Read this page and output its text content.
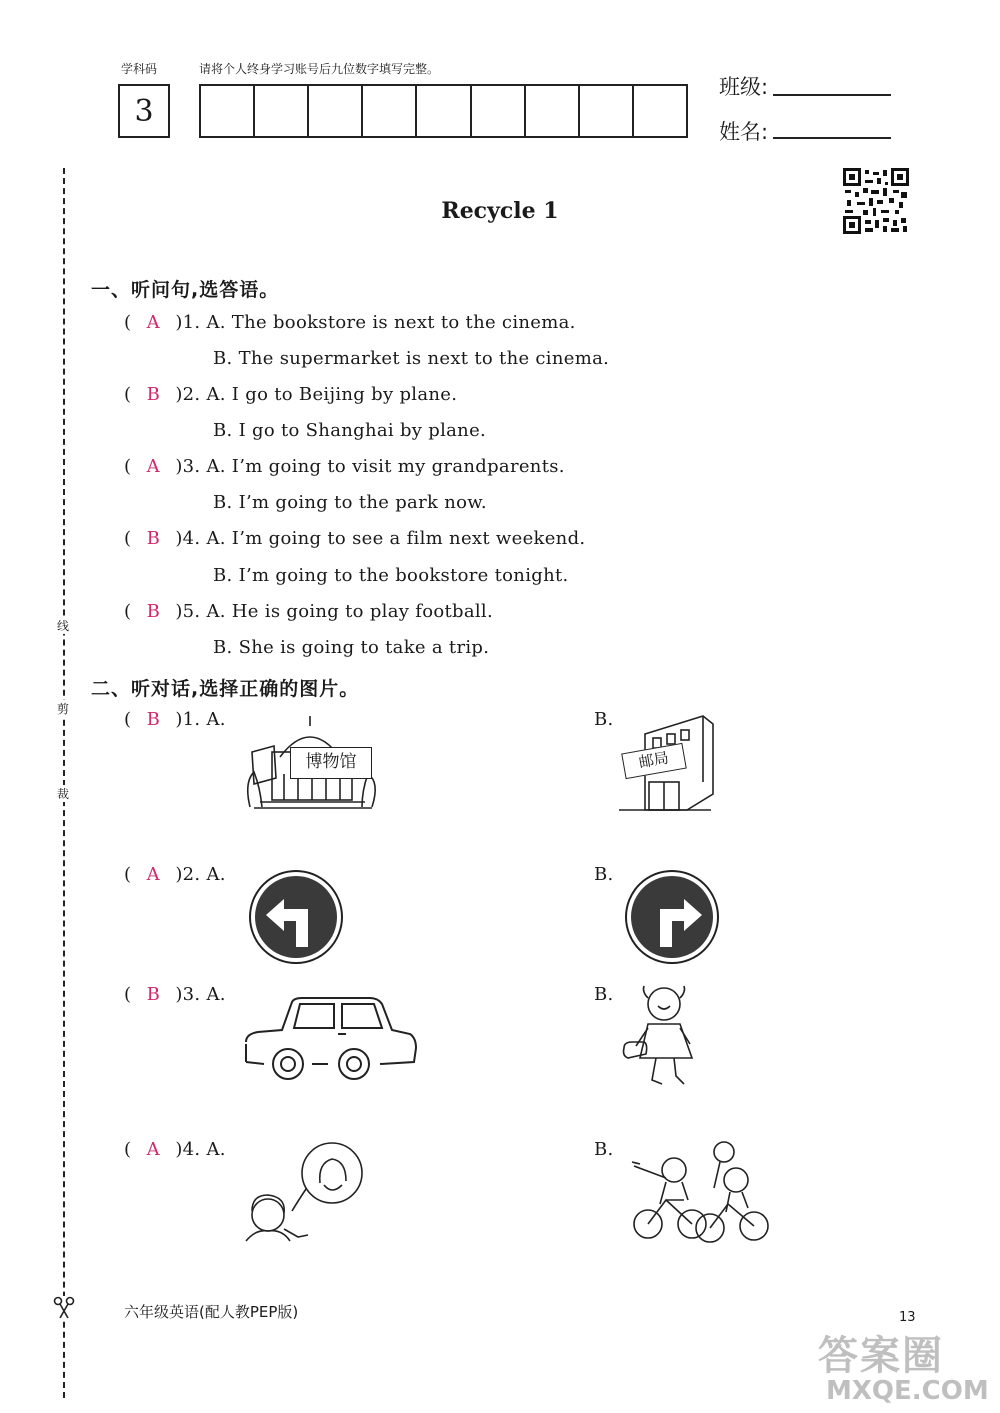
学科码	请将个人终身学习账号后九位数字填写完整。
3
班级:
姓名:
Recycle 1
线
剪
裁
一、听问句,选答语。
( A )1. A. The bookstore is next to the cinema.
B. The supermarket is next to the cinema.
( B )2. A. I go to Beijing by plane.
B. I go to Shanghai by plane.
( A )3. A. I’m going to visit my grandparents.
B. I’m going to the park now.
( B )4. A. I’m going to see a film next weekend.
B. I’m going to the bookstore tonight.
( B )5. A. He is going to play football.
B. She is going to take a trip.
二、听对话,选择正确的图片。
( B )1. A.	B.
博物馆	邮局
( A )2. A.	B.
( B )3. A.	B.
( A )4. A.	B.
六年级英语(配人教PEP版)	13
答案圈
MXQE.COM
